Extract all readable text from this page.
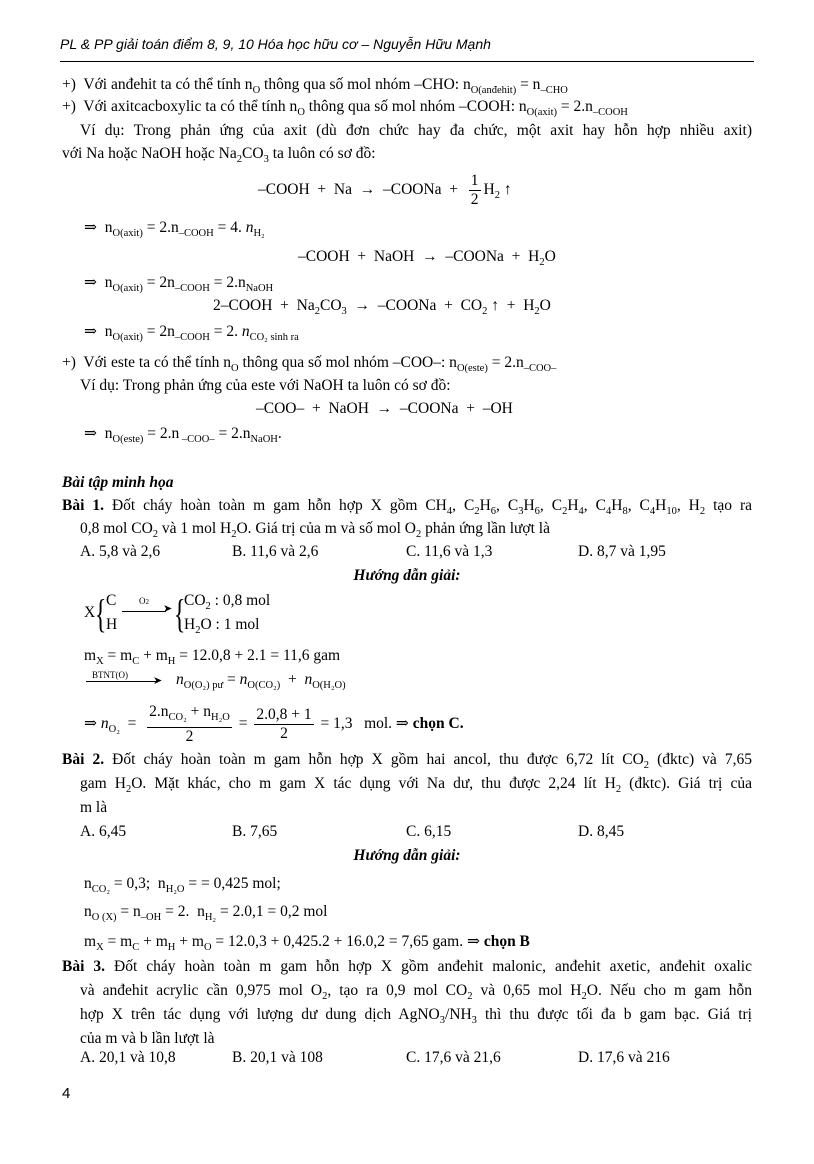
PL & PP giải toán điểm 8, 9, 10 Hóa học hữu cơ – Nguyễn Hữu Mạnh
+)  Với anđehit ta có thể tính $n_O$ thông qua số mol nhóm –CHO: $n_{O(anđehit)} = n_{-CHO}$
+)  Với axitcacboxylic ta có thể tính $n_O$ thông qua số mol nhóm –COOH: $n_{O(axit)} = 2.n_{-COOH}$
Ví dụ: Trong phản ứng của axit (dù đơn chức hay đa chức, một axit hay hỗn hợp nhiều axit)
với Na hoặc NaOH hoặc $Na_2CO_3$ ta luôn có sơ đồ:
–COOH  +  Na  →  –COONa  + $\frac{1}{2} H_2$ ↑
⇒  $n_{O(axit)} = 2.n_{-COOH} = 4$. $n_{H_2}$
–COOH  +  NaOH  →  –COONa  +  $H_2O$
⇒  $n_{O(axit)} = 2n_{-COOH} = 2.n_{NaOH}$
2–COOH  +  $Na_2CO_3$  →  –COONa  +  $CO_2$ ↑  +  $H_2O$
⇒  $n_{O(axit)} = 2n_{-COOH} = 2$. $n_{CO_2 sinh ra}$
+)  Với este ta có thể tính $n_O$ thông qua số mol nhóm –COO–: $n_{O(este)} = 2.n_{-COO-}$
Ví dụ: Trong phản ứng của este với NaOH ta luôn có sơ đồ:
–COO–  +  NaOH  →  –COONa  +  –OH
⇒  $n_{O(este)} = 2.n$ $_{-COO-} = 2.n_{NaOH}$.
Bài tập minh họa
Bài 1. Đốt cháy hoàn toàn m gam hỗn hợp X gồm $CH_4$, $C_2H_6$, $C_3H_6$, $C_2H_4$, $C_4H_8$, $C_4H_{10}$, $H_2$ tạo ra
0,8 mol $CO_2$ và 1 mol $H_2O$. Giá trị của m và số mol $O_2$ phản ứng lần lượt là
A. 5,8 và 2,6	B. 11,6 và 2,6	C. 11,6 và 1,3	D. 8,7 và 1,95
Hướng dẫn giải:
X { C
H
O2
➤ {
$CO_2$ : 0,8 mol
$H_2O$ : 1 mol
$m_X = m_C + m_H = 12.0,8 + 2.1 = 11,6$ gam
BTNT(O) ➤ $n_{O(O_2) pư} = n_{O(CO_2)} + n_{O(H_2O)}$
⇒ $n_{O_2} = \frac{2.n_{CO_2} + n_{H_2O}}{2} = \frac{2.0,8 + 1}{2} = 1,3$   mol. ⇒ chọn C.
Bài 2. Đốt cháy hoàn toàn m gam hỗn hợp X gồm hai ancol, thu được 6,72 lít $CO_2$ (đktc) và 7,65
gam $H_2O$. Mặt khác, cho m gam X tác dụng với Na dư, thu được 2,24 lít $H_2$ (đktc). Giá trị của
m là
A. 6,45	B. 7,65	C. 6,15	D. 8,45
Hướng dẫn giải:
$n_{CO_2} = 0,3$;  $n_{H_2O}$ = = 0,425 mol;
$n_{O (X)} = n_{-OH} = 2$.  $n_{H_2} = 2.0,1 = 0,2$ mol
$m_X = m_C + m_H + m_O = 12.0,3 + 0,425.2 + 16.0,2 = 7,65$ gam. ⇒ chọn B
Bài 3. Đốt cháy hoàn toàn m gam hỗn hợp X gồm anđehit malonic, anđehit axetic, anđehit oxalic
và anđehit acrylic cần 0,975 mol $O_2$, tạo ra 0,9 mol $CO_2$ và 0,65 mol $H_2O$. Nếu cho m gam hỗn
hợp X trên tác dụng với lượng dư dung dịch $AgNO_3/NH_3$ thì thu được tối đa b gam bạc. Giá trị
của m và b lần lượt là
A. 20,1 và 10,8	B. 20,1 và 108	C. 17,6 và 21,6	D. 17,6 và 216
4
